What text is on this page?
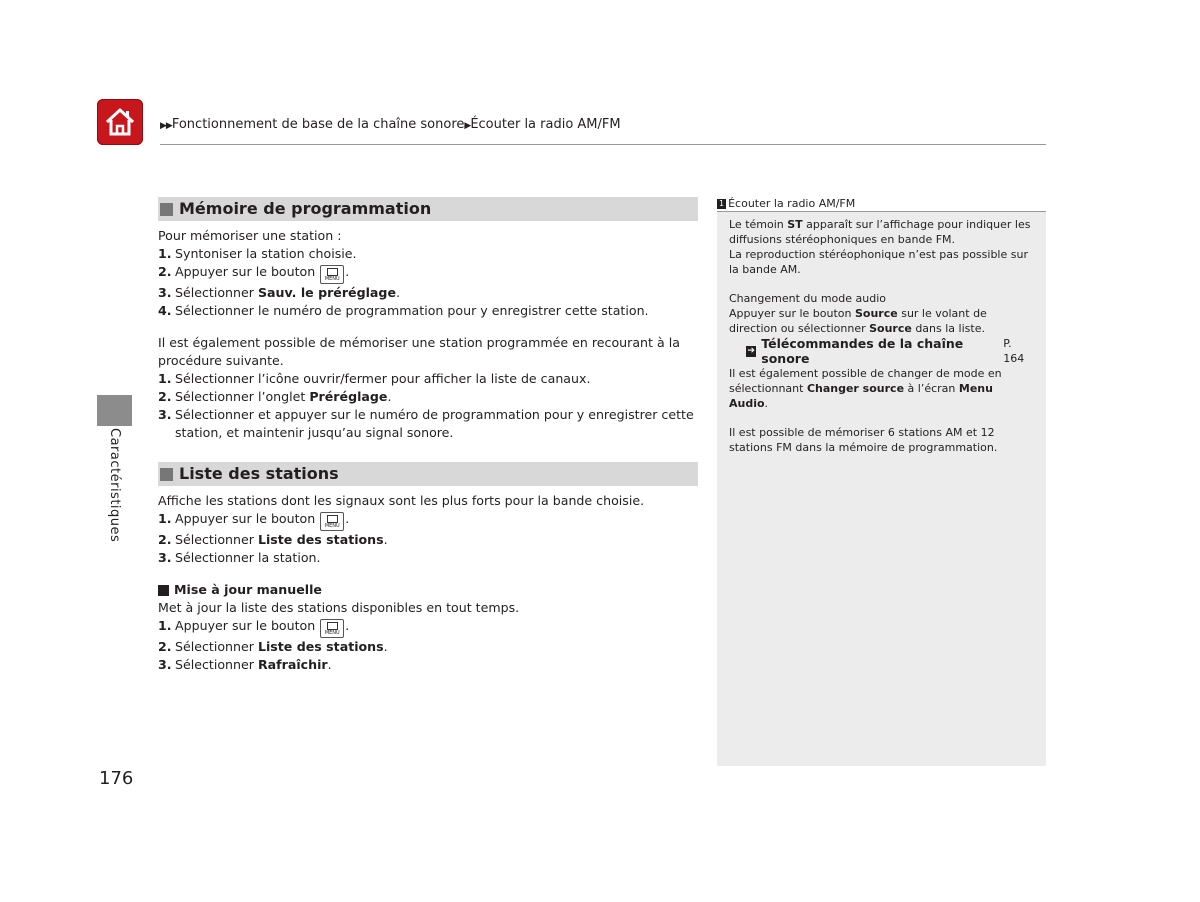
▶▶Fonctionnement de base de la chaîne sonore▶Écouter la radio AM/FM
Caractéristiques
176
Mémoire de programmation

Pour mémoriser une station :

1. Syntoniser la station choisie.
2. Appuyer sur le bouton
MENU .
3. Sélectionner Sauv. le préréglage.
4. Sélectionner le numéro de programmation pour y enregistrer cette station.

Il est également possible de mémoriser une station programmée en recourant à la procédure suivante.

1. Sélectionner l’icône ouvrir/fermer pour afficher la liste de canaux.
2. Sélectionner l’onglet Préréglage.
3. Sélectionner et appuyer sur le numéro de programmation pour y enregistrer cette station, et maintenir jusqu’au signal sonore.
Liste des stations

Affiche les stations dont les signaux sont les plus forts pour la bande choisie.

1. Appuyer sur le bouton
MENU .
2. Sélectionner Liste des stations.
3. Sélectionner la station.
Mise à jour manuelle

Met à jour la liste des stations disponibles en tout temps.

1. Appuyer sur le bouton
MENU .
2. Sélectionner Liste des stations.
3. Sélectionner Rafraîchir.
1 Écouter la radio AM/FM

Le témoin ST apparaît sur l’affichage pour indiquer les diffusions stéréophoniques en bande FM.

La reproduction stéréophonique n’est pas possible sur la bande AM.

Changement du mode audio

Appuyer sur le bouton Source sur le volant de direction ou sélectionner Source dans la liste.

➔ Télécommandes de la chaîne sonore
P. 164

Il est également possible de changer de mode en sélectionnant Changer source à l’écran Menu Audio.

Il est possible de mémoriser 6 stations AM et 12 stations FM dans la mémoire de programmation.
